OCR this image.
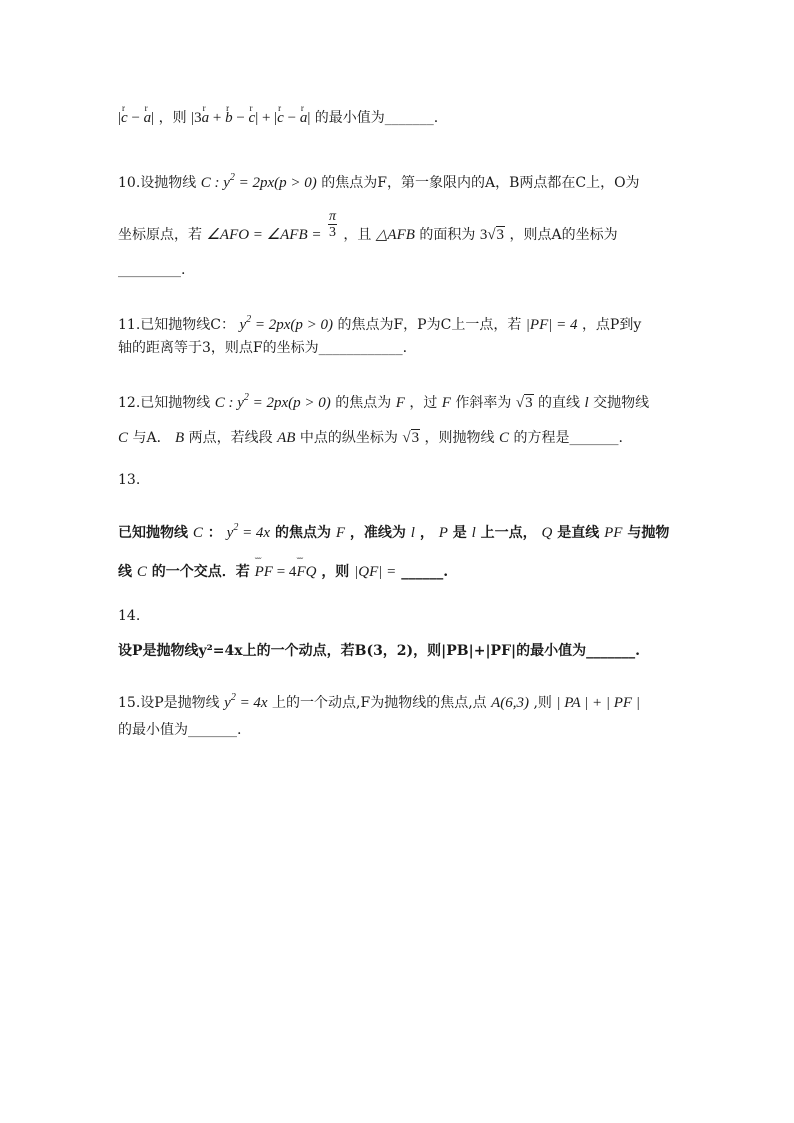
|r c − r a| ，则 |3r a + r b − r c| + |r c − r a| 的最小值为_______.
10.设抛物线 C : $y^2 = 2px(p > 0)$ 的焦点为F，第一象限内的A，B两点都在C上，O为
坐标原点，若 ∠AFO = ∠AFB = $\frac{\pi}{3}$ ，且 △AFB 的面积为 3√3 ，则点A的坐标为
_________.
11.已知抛物线C： $y^2 = 2px(p > 0)$ 的焦点为F，P为C上一点，若 |PF| = 4 ，点P到y
轴的距离等于3，则点F的坐标为____________.
12.已知抛物线 C : $y^2 = 2px(p > 0)$ 的焦点为 F ，过 F 作斜率为 √3 的直线 l 交抛物线
C 与A． B 两点，若线段 AB 中点的纵坐标为 √3 ，则抛物线 C 的方程是_______.
13.
已知抛物线 C ： $y^2 = 4x$ 的焦点为 F ，准线为 l ， P 是 l 上一点， Q 是直线 PF 与抛物
线 C 的一个交点．若 ˘˘˘ PF = 4˘˘˘ FQ ，则 |QF| = ______.
14.
设P是抛物线y²=4x上的一个动点，若B(3，2)，则|PB|+|PF|的最小值为_______.
15.设P是抛物线 $y^2 = 4x$ 上的一个动点,F为抛物线的焦点,点 A(6,3) ,则 | PA | + | PF |
的最小值为_______.
